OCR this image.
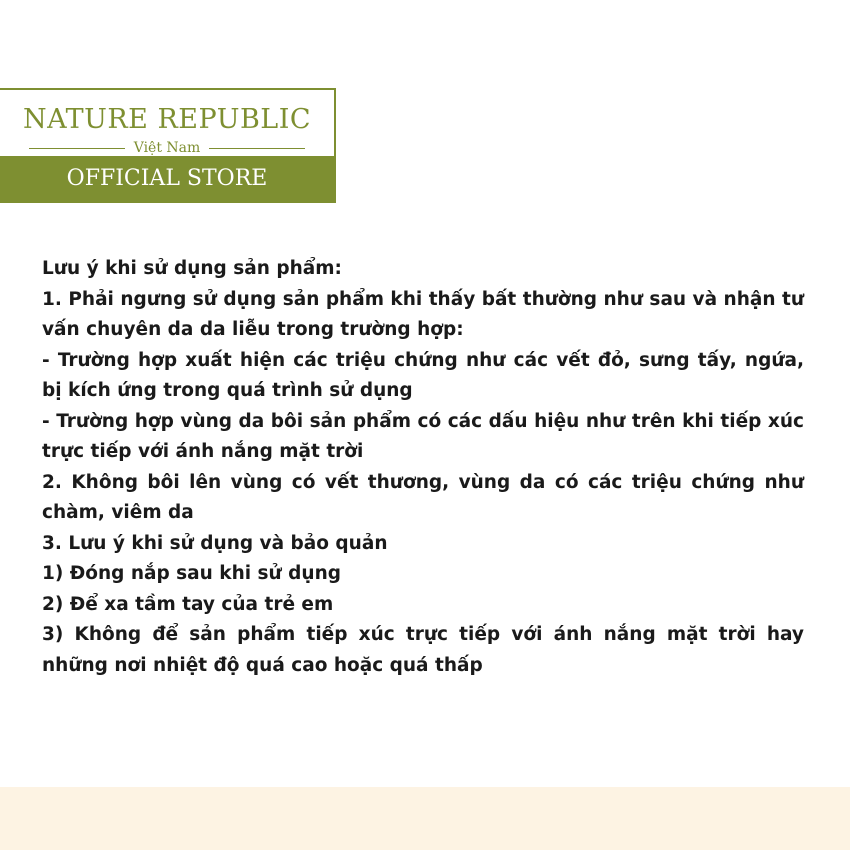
NATURE REPUBLIC
Việt Nam
OFFICIAL STORE
Lưu ý khi sử dụng sản phẩm:
1. Phải ngưng sử dụng sản phẩm khi thấy bất thường như sau và nhận tư vấn chuyên da da liễu trong trường hợp:
- Trường hợp xuất hiện các triệu chứng như các vết đỏ, sưng tấy, ngứa, bị kích ứng trong quá trình sử dụng
- Trường hợp vùng da bôi sản phẩm có các dấu hiệu như trên khi tiếp xúc trực tiếp với ánh nắng mặt trời
2. Không bôi lên vùng có vết thương, vùng da có các triệu chứng như chàm, viêm da
3. Lưu ý khi sử dụng và bảo quản
1) Đóng nắp sau khi sử dụng
2) Để xa tầm tay của trẻ em
3) Không để sản phẩm tiếp xúc trực tiếp với ánh nắng mặt trời hay những nơi nhiệt độ quá cao hoặc quá thấp
